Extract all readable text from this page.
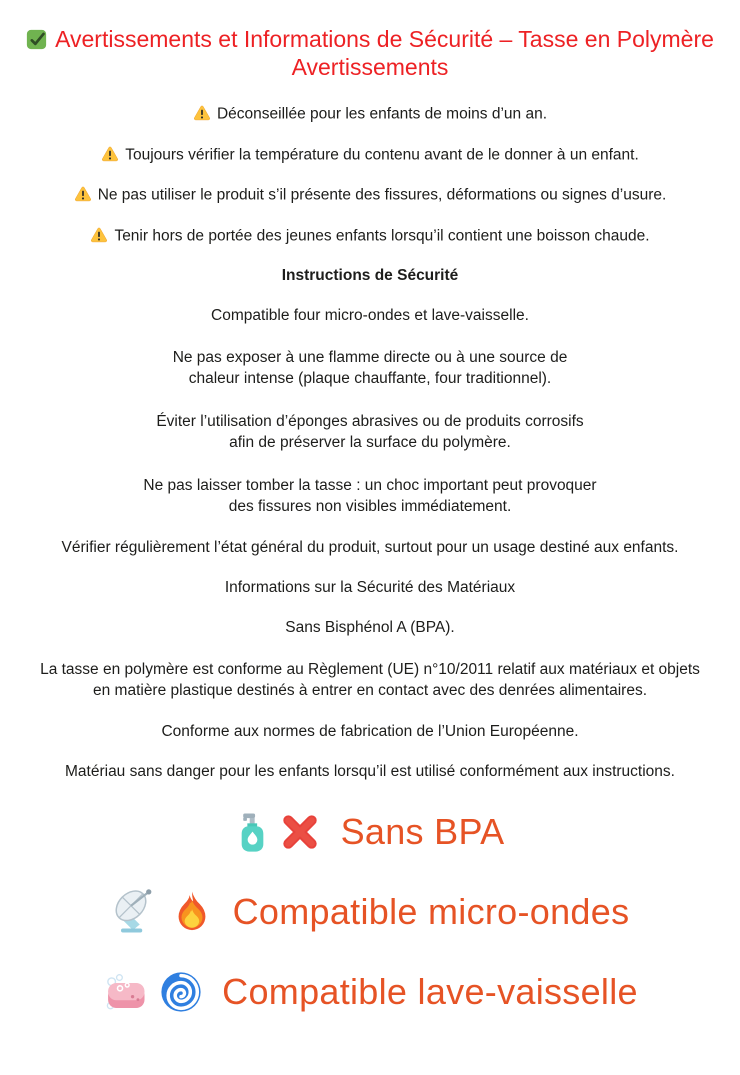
Avertissements et Informations de Sécurité – Tasse en Polymère
Avertissements
Déconseillée pour les enfants de moins d’un an.
Toujours vérifier la température du contenu avant de le donner à un enfant.
Ne pas utiliser le produit s’il présente des fissures, déformations ou signes d’usure.
Tenir hors de portée des jeunes enfants lorsqu’il contient une boisson chaude.
Instructions de Sécurité

Compatible four micro-ondes et lave-vaisselle.

Ne pas exposer à une flamme directe ou à une source de
chaleur intense (plaque chauffante, four traditionnel).

Éviter l’utilisation d’éponges abrasives ou de produits corrosifs
afin de préserver la surface du polymère.

Ne pas laisser tomber la tasse : un choc important peut provoquer
des fissures non visibles immédiatement.

Vérifier régulièrement l’état général du produit, surtout pour un usage destiné aux enfants.

Informations sur la Sécurité des Matériaux

Sans Bisphénol A (BPA).

La tasse en polymère est conforme au Règlement (UE) n°10/2011 relatif aux matériaux et objets
en matière plastique destinés à entrer en contact avec des denrées alimentaires.

Conforme aux normes de fabrication de l’Union Européenne.

Matériau sans danger pour les enfants lorsqu’il est utilisé conformément aux instructions.

Sans BPA
Compatible micro-ondes
Compatible lave-vaisselle
